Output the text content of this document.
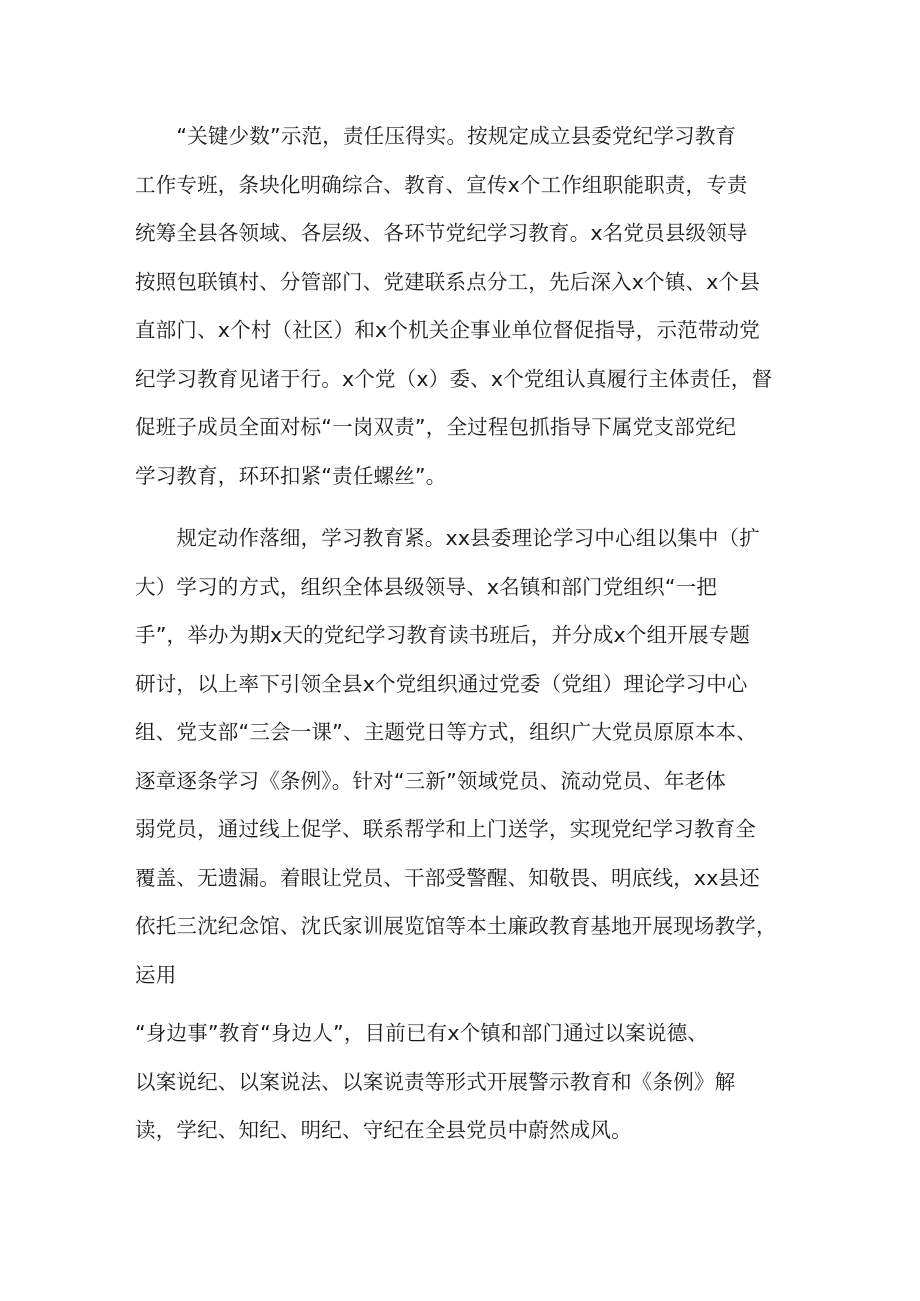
　　“关键少数”示范，责任压得实。按规定成立县委党纪学习教育
工作专班，条块化明确综合、教育、宣传x个工作组职能职责，专责
统筹全县各领域、各层级、各环节党纪学习教育。x名党员县级领导
按照包联镇村、分管部门、党建联系点分工，先后深入x个镇、x个县
直部门、x个村（社区）和x个机关企事业单位督促指导，示范带动党
纪学习教育见诸于行。x个党（x）委、x个党组认真履行主体责任，督
促班子成员全面对标“一岗双责”，全过程包抓指导下属党支部党纪
学习教育，环环扣紧“责任螺丝”。

　　规定动作落细，学习教育紧。xx县委理论学习中心组以集中（扩
大）学习的方式，组织全体县级领导、x名镇和部门党组织“一把
手”，举办为期x天的党纪学习教育读书班后，并分成x个组开展专题
研讨，以上率下引领全县x个党组织通过党委（党组）理论学习中心
组、党支部“三会一课”、主题党日等方式，组织广大党员原原本本、
逐章逐条学习《条例》。针对“三新”领域党员、流动党员、年老体
弱党员，通过线上促学、联系帮学和上门送学，实现党纪学习教育全
覆盖、无遗漏。着眼让党员、干部受警醒、知敬畏、明底线，xx县还
依托三沈纪念馆、沈氏家训展览馆等本土廉政教育基地开展现场教学，
运用

“身边事”教育“身边人”，目前已有x个镇和部门通过以案说德、
以案说纪、以案说法、以案说责等形式开展警示教育和《条例》解
读，学纪、知纪、明纪、守纪在全县党员中蔚然成风。
